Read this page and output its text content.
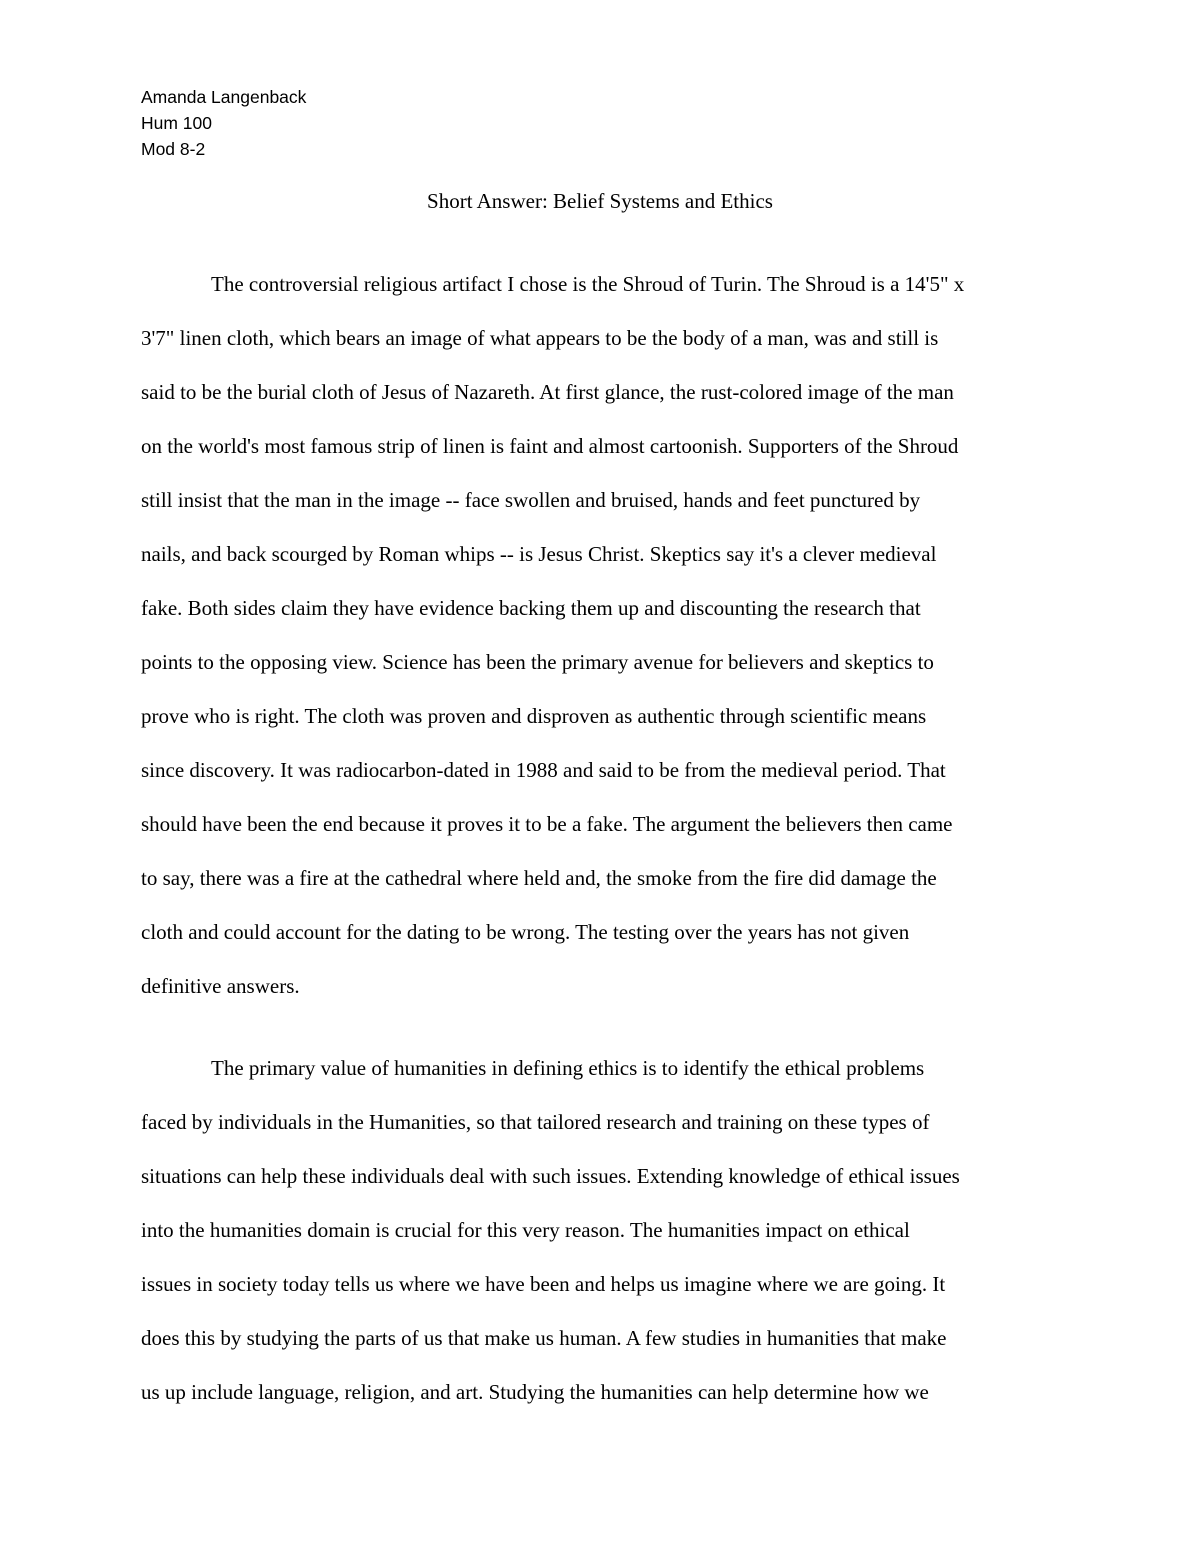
Amanda Langenback
Hum 100
Mod 8-2
Short Answer: Belief Systems and Ethics
The controversial religious artifact I chose is the Shroud of Turin. The Shroud is a 14'5" x
3'7" linen cloth, which bears an image of what appears to be the body of a man, was and still is
said to be the burial cloth of Jesus of Nazareth. At first glance, the rust-colored image of the man
on the world's most famous strip of linen is faint and almost cartoonish. Supporters of the Shroud
still insist that the man in the image -- face swollen and bruised, hands and feet punctured by
nails, and back scourged by Roman whips -- is Jesus Christ. Skeptics say it's a clever medieval
fake. Both sides claim they have evidence backing them up and discounting the research that
points to the opposing view. Science has been the primary avenue for believers and skeptics to
prove who is right. The cloth was proven and disproven as authentic through scientific means
since discovery. It was radiocarbon-dated in 1988 and said to be from the medieval period. That
should have been the end because it proves it to be a fake. The argument the believers then came
to say, there was a fire at the cathedral where held and, the smoke from the fire did damage the
cloth and could account for the dating to be wrong. The testing over the years has not given
definitive answers.
The primary value of humanities in defining ethics is to identify the ethical problems
faced by individuals in the Humanities, so that tailored research and training on these types of
situations can help these individuals deal with such issues. Extending knowledge of ethical issues
into the humanities domain is crucial for this very reason. The humanities impact on ethical
issues in society today tells us where we have been and helps us imagine where we are going. It
does this by studying the parts of us that make us human. A few studies in humanities that make
us up include language, religion, and art. Studying the humanities can help determine how we
